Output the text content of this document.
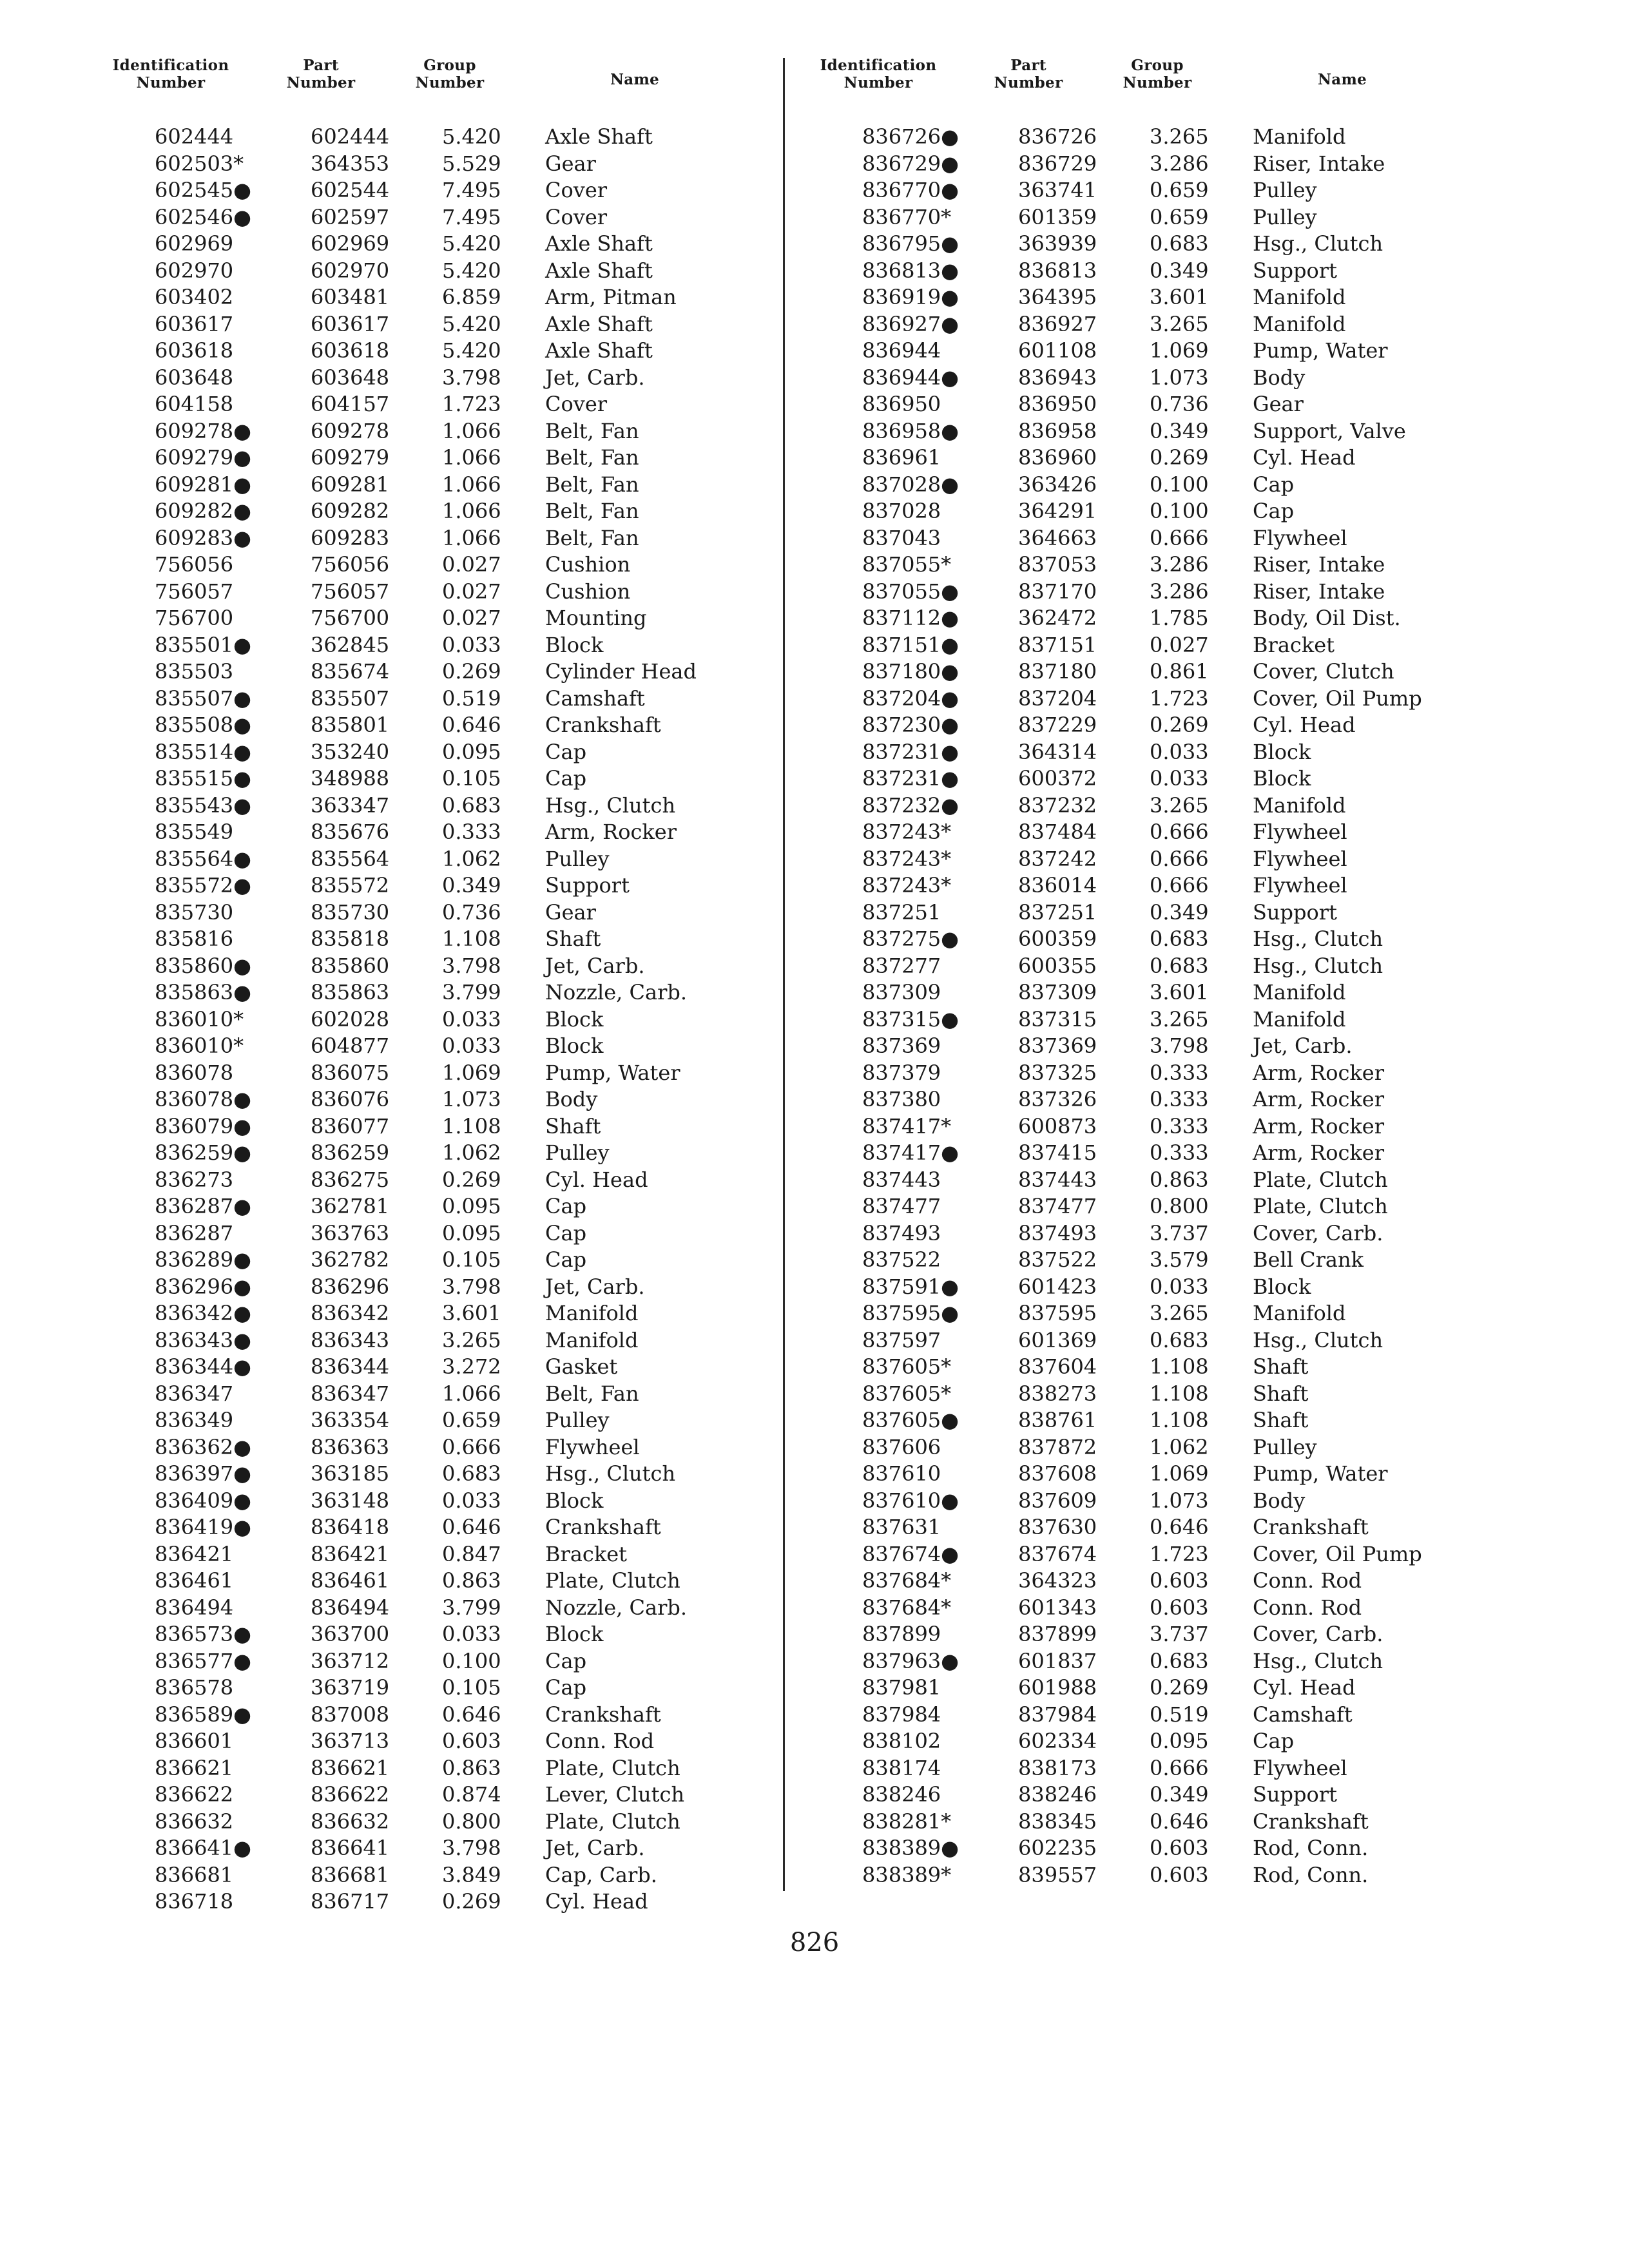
Identification
Number
Part
Number
Group
Number	Name
602444	602444	5.420 Axle Shaft
602503*	364353	5.529 Gear
602545●	602544	7.495 Cover
602546●	602597	7.495 Cover
602969	602969	5.420 Axle Shaft
602970	602970	5.420 Axle Shaft
603402	603481	6.859 Arm, Pitman
603617	603617	5.420 Axle Shaft
603618	603618	5.420 Axle Shaft
603648	603648	3.798 Jet, Carb.
604158	604157	1.723 Cover
609278●	609278	1.066 Belt, Fan
609279●	609279	1.066 Belt, Fan
609281●	609281	1.066 Belt, Fan
609282●	609282	1.066 Belt, Fan
609283●	609283	1.066 Belt, Fan
756056	756056	0.027 Cushion
756057	756057	0.027 Cushion
756700	756700	0.027 Mounting
835501●	362845	0.033 Block
835503	835674	0.269 Cylinder Head
835507●	835507	0.519 Camshaft
835508●	835801	0.646 Crankshaft
835514●	353240	0.095 Cap
835515●	348988	0.105 Cap
835543●	363347	0.683 Hsg., Clutch
835549	835676	0.333 Arm, Rocker
835564●	835564	1.062 Pulley
835572●	835572	0.349 Support
835730	835730	0.736 Gear
835816	835818	1.108 Shaft
835860●	835860	3.798 Jet, Carb.
835863●	835863	3.799 Nozzle, Carb.
836010*	602028	0.033 Block
836010*	604877	0.033 Block
836078	836075	1.069 Pump, Water
836078●	836076	1.073 Body
836079●	836077	1.108 Shaft
836259●	836259	1.062 Pulley
836273	836275	0.269 Cyl. Head
836287●	362781	0.095 Cap
836287	363763	0.095 Cap
836289●	362782	0.105 Cap
836296●	836296	3.798 Jet, Carb.
836342●	836342	3.601 Manifold
836343●	836343	3.265 Manifold
836344●	836344	3.272 Gasket
836347	836347	1.066 Belt, Fan
836349	363354	0.659 Pulley
836362●	836363	0.666 Flywheel
836397●	363185	0.683 Hsg., Clutch
836409●	363148	0.033 Block
836419●	836418	0.646 Crankshaft
836421	836421	0.847 Bracket
836461	836461	0.863 Plate, Clutch
836494	836494	3.799 Nozzle, Carb.
836573●	363700	0.033 Block
836577●	363712	0.100 Cap
836578	363719	0.105 Cap
836589●	837008	0.646 Crankshaft
836601	363713	0.603 Conn. Rod
836621	836621	0.863 Plate, Clutch
836622	836622	0.874 Lever, Clutch
836632	836632	0.800 Plate, Clutch
836641●	836641	3.798 Jet, Carb.
836681	836681	3.849 Cap, Carb.
836718	836717	0.269 Cyl. Head
Identification
Number
Part
Number
Group
Number	Name
836726●	836726	3.265 Manifold
836729●	836729	3.286 Riser, Intake
836770●	363741	0.659 Pulley
836770*	601359	0.659 Pulley
836795●	363939	0.683 Hsg., Clutch
836813●	836813	0.349 Support
836919●	364395	3.601 Manifold
836927●	836927	3.265 Manifold
836944	601108	1.069 Pump, Water
836944●	836943	1.073 Body
836950	836950	0.736 Gear
836958●	836958	0.349 Support, Valve
836961	836960	0.269 Cyl. Head
837028●	363426	0.100 Cap
837028	364291	0.100 Cap
837043	364663	0.666 Flywheel
837055*	837053	3.286 Riser, Intake
837055●	837170	3.286 Riser, Intake
837112●	362472	1.785 Body, Oil Dist.
837151●	837151	0.027 Bracket
837180●	837180	0.861 Cover, Clutch
837204●	837204	1.723 Cover, Oil Pump
837230●	837229	0.269 Cyl. Head
837231●	364314	0.033 Block
837231●	600372	0.033 Block
837232●	837232	3.265 Manifold
837243*	837484	0.666 Flywheel
837243*	837242	0.666 Flywheel
837243*	836014	0.666 Flywheel
837251	837251	0.349 Support
837275●	600359	0.683 Hsg., Clutch
837277	600355	0.683 Hsg., Clutch
837309	837309	3.601 Manifold
837315●	837315	3.265 Manifold
837369	837369	3.798 Jet, Carb.
837379	837325	0.333 Arm, Rocker
837380	837326	0.333 Arm, Rocker
837417*	600873	0.333 Arm, Rocker
837417●	837415	0.333 Arm, Rocker
837443	837443	0.863 Plate, Clutch
837477	837477	0.800 Plate, Clutch
837493	837493	3.737 Cover, Carb.
837522	837522	3.579 Bell Crank
837591●	601423	0.033 Block
837595●	837595	3.265 Manifold
837597	601369	0.683 Hsg., Clutch
837605*	837604	1.108 Shaft
837605*	838273	1.108 Shaft
837605●	838761	1.108 Shaft
837606	837872	1.062 Pulley
837610	837608	1.069 Pump, Water
837610●	837609	1.073 Body
837631	837630	0.646 Crankshaft
837674●	837674	1.723 Cover, Oil Pump
837684*	364323	0.603 Conn. Rod
837684*	601343	0.603 Conn. Rod
837899	837899	3.737 Cover, Carb.
837963●	601837	0.683 Hsg., Clutch
837981	601988	0.269 Cyl. Head
837984	837984	0.519 Camshaft
838102	602334	0.095 Cap
838174	838173	0.666 Flywheel
838246	838246	0.349 Support
838281*	838345	0.646 Crankshaft
838389●	602235	0.603 Rod, Conn.
838389*	839557	0.603 Rod, Conn.
826
